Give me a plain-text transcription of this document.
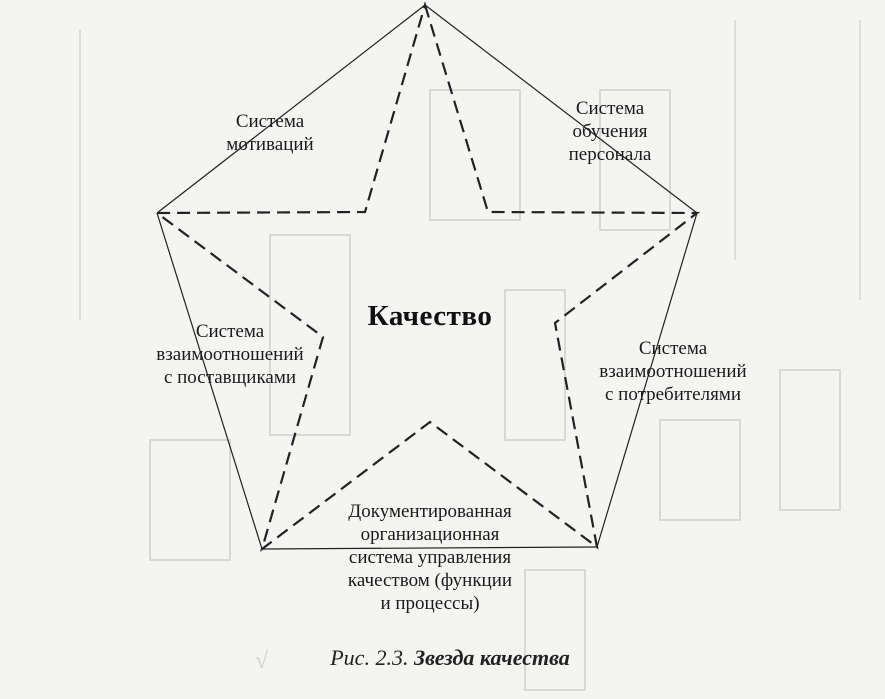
Качество
Система
мотиваций
Система
обучения
персонала
Система
взаимоотношений
с поставщиками
Система
взаимоотношений
с потребителями
Документированная
организационная
система управления
качеством (функции
и процессы)
√	Рис. 2.3. Звезда качества
